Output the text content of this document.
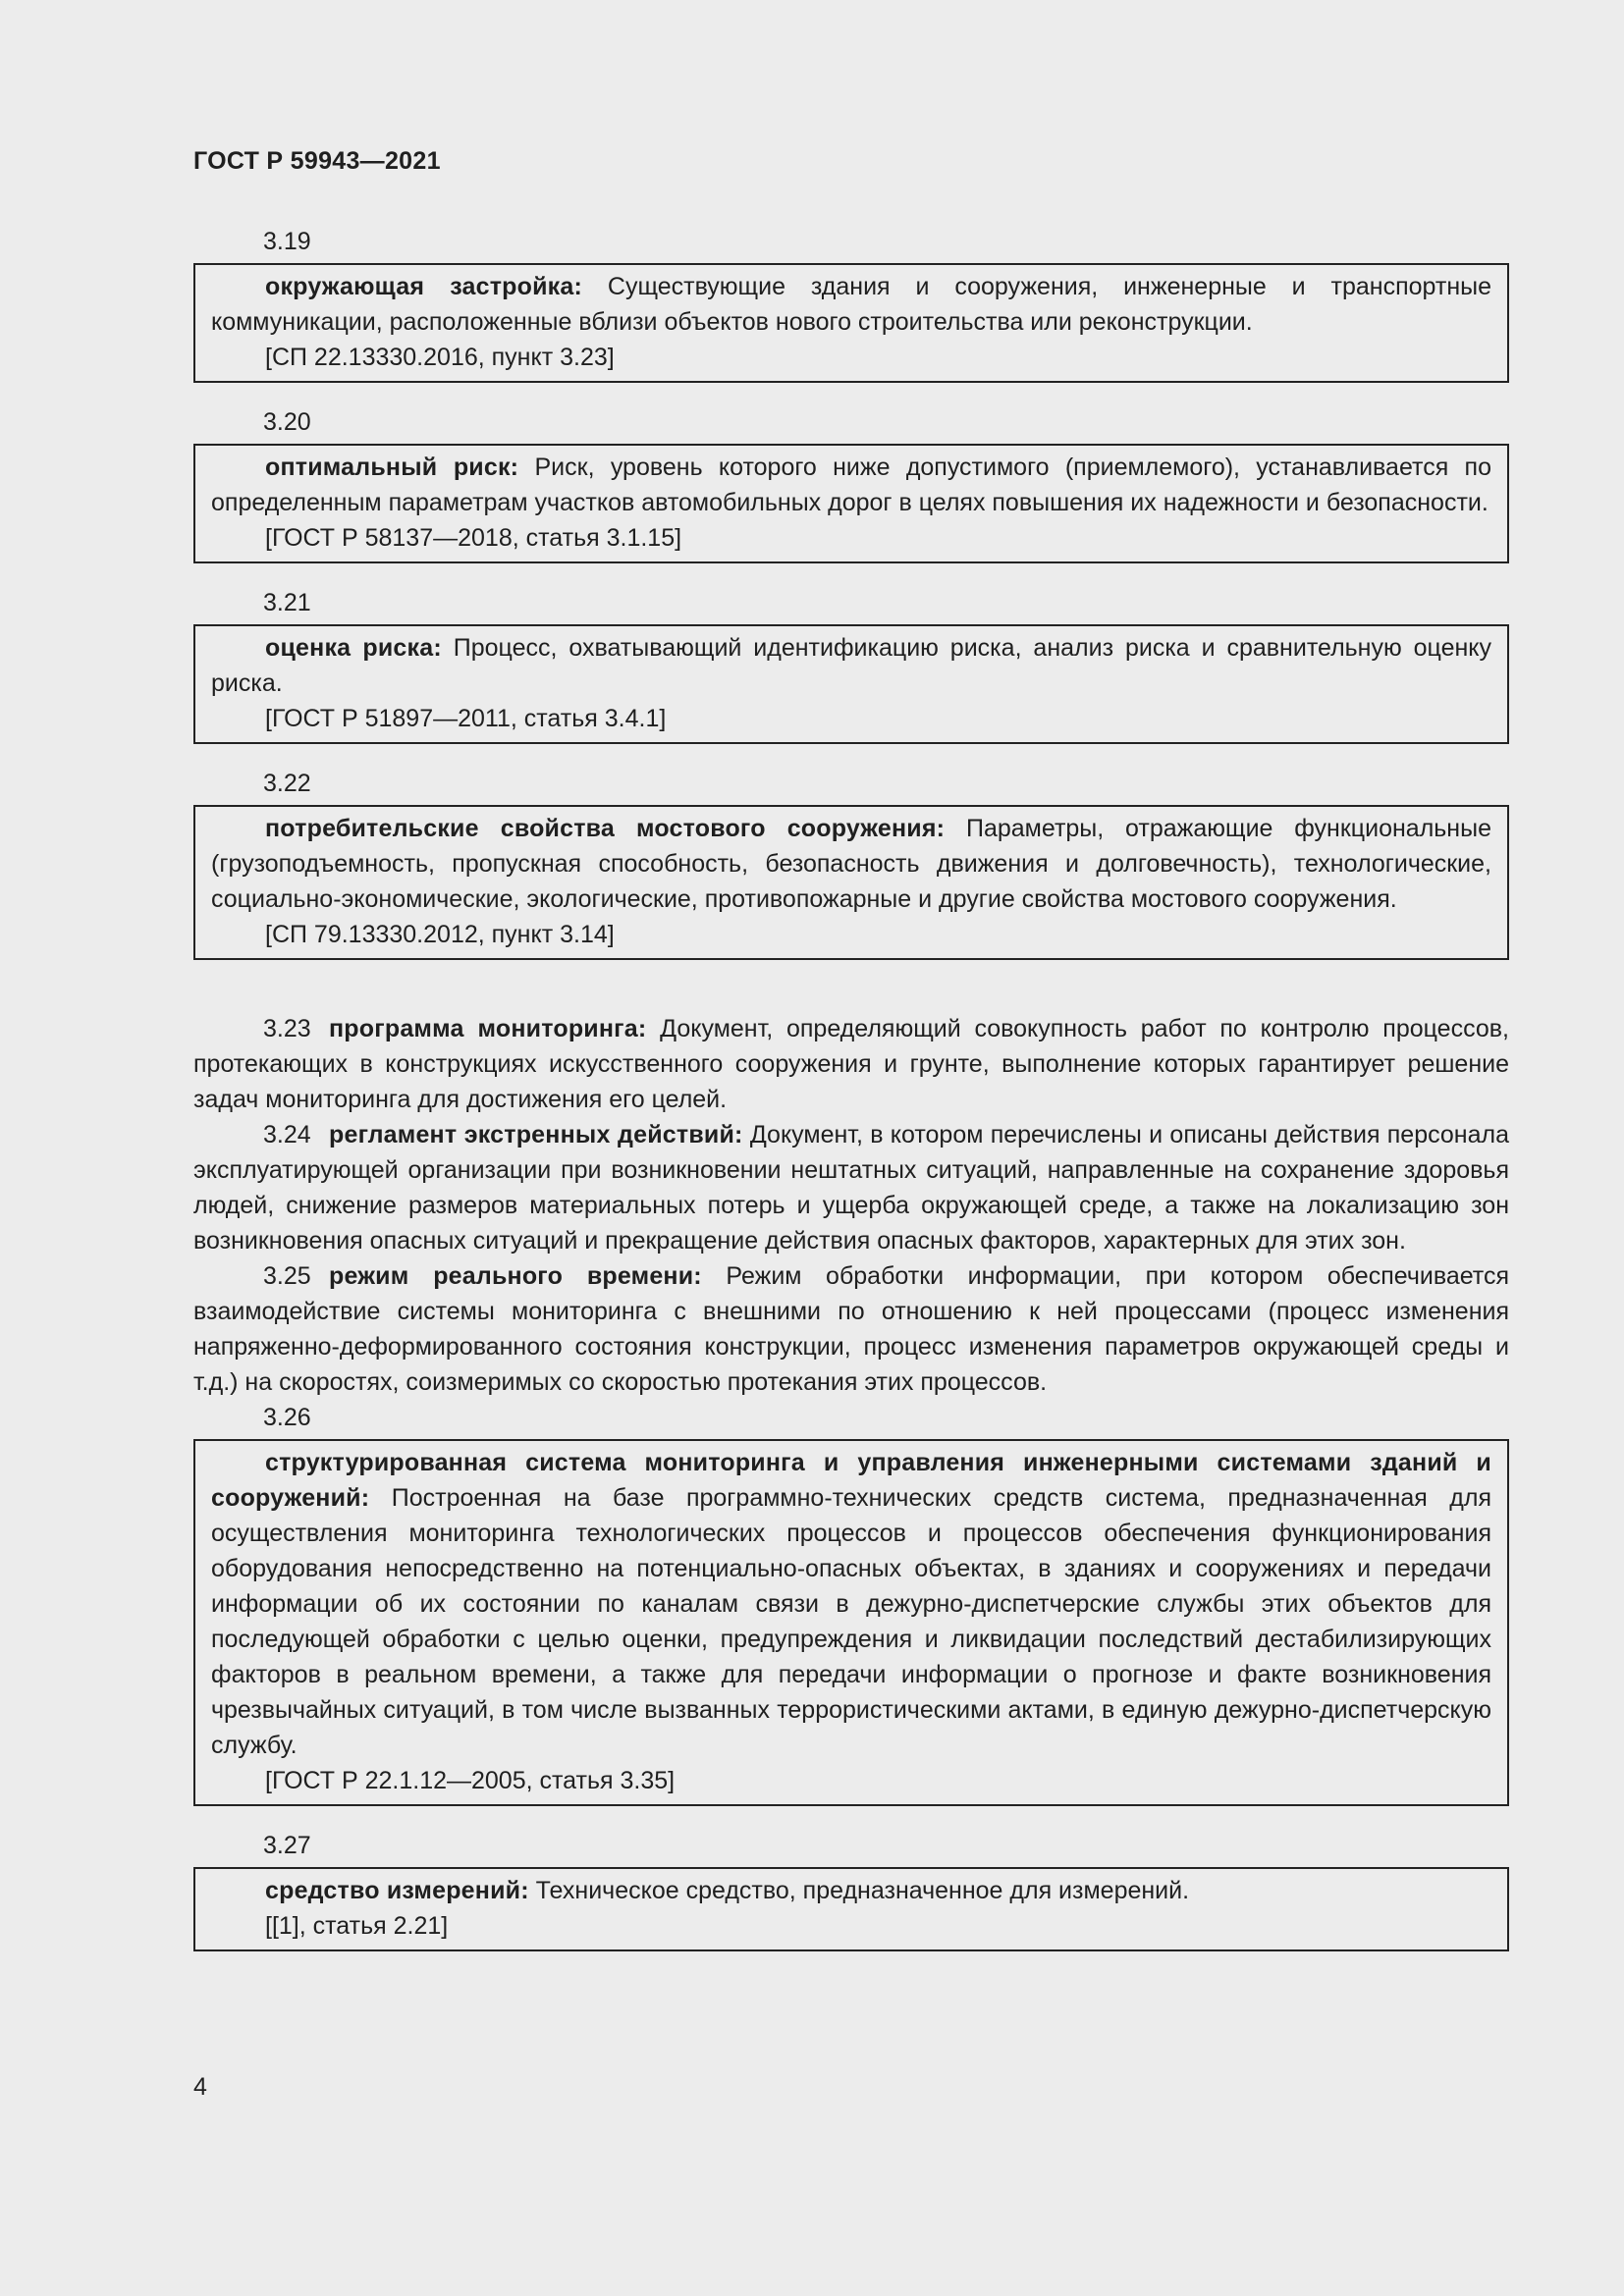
ГОСТ Р 59943—2021
3.19

окружающая застройка: Существующие здания и сооружения, инженерные и транспортные коммуникации, расположенные вблизи объектов нового строительства или реконструкции.

[СП 22.13330.2016, пункт 3.23]
3.20

оптимальный риск: Риск, уровень которого ниже допустимого (приемлемого), устанавливается по определенным параметрам участков автомобильных дорог в целях повышения их надежности и безопасности.

[ГОСТ Р 58137—2018, статья 3.1.15]
3.21

оценка риска: Процесс, охватывающий идентификацию риска, анализ риска и сравнительную оценку риска.

[ГОСТ Р 51897—2011, статья 3.4.1]
3.22

потребительские свойства мостового сооружения: Параметры, отражающие функциональные (грузоподъемность, пропускная способность, безопасность движения и долговечность), технологические, социально-экономические, экологические, противопожарные и другие свойства мостового сооружения.

[СП 79.13330.2012, пункт 3.14]

3.23 программа мониторинга: Документ, определяющий совокупность работ по контролю процессов, протекающих в конструкциях искусственного сооружения и грунте, выполнение которых гарантирует решение задач мониторинга для достижения его целей.

3.24 регламент экстренных действий: Документ, в котором перечислены и описаны действия персонала эксплуатирующей организации при возникновении нештатных ситуаций, направленные на сохранение здоровья людей, снижение размеров материальных потерь и ущерба окружающей среде, а также на локализацию зон возникновения опасных ситуаций и прекращение действия опасных факторов, характерных для этих зон.

3.25 режим реального времени: Режим обработки информации, при котором обеспечивается взаимодействие системы мониторинга с внешними по отношению к ней процессами (процесс изменения напряженно-деформированного состояния конструкции, процесс изменения параметров окружающей среды и т.д.) на скоростях, соизмеримых со скоростью протекания этих процессов.

3.26

структурированная система мониторинга и управления инженерными системами зданий и сооружений: Построенная на базе программно-технических средств система, предназначенная для осуществления мониторинга технологических процессов и процессов обеспечения функционирования оборудования непосредственно на потенциально-опасных объектах, в зданиях и сооружениях и передачи информации об их состоянии по каналам связи в дежурно-диспетчерские службы этих объектов для последующей обработки с целью оценки, предупреждения и ликвидации последствий дестабилизирующих факторов в реальном времени, а также для передачи информации о прогнозе и факте возникновения чрезвычайных ситуаций, в том числе вызванных террористическими актами, в единую дежурно-диспетчерскую службу.

[ГОСТ Р 22.1.12—2005, статья 3.35]
3.27

средство измерений: Техническое средство, предназначенное для измерений.

[[1], статья 2.21]
4
